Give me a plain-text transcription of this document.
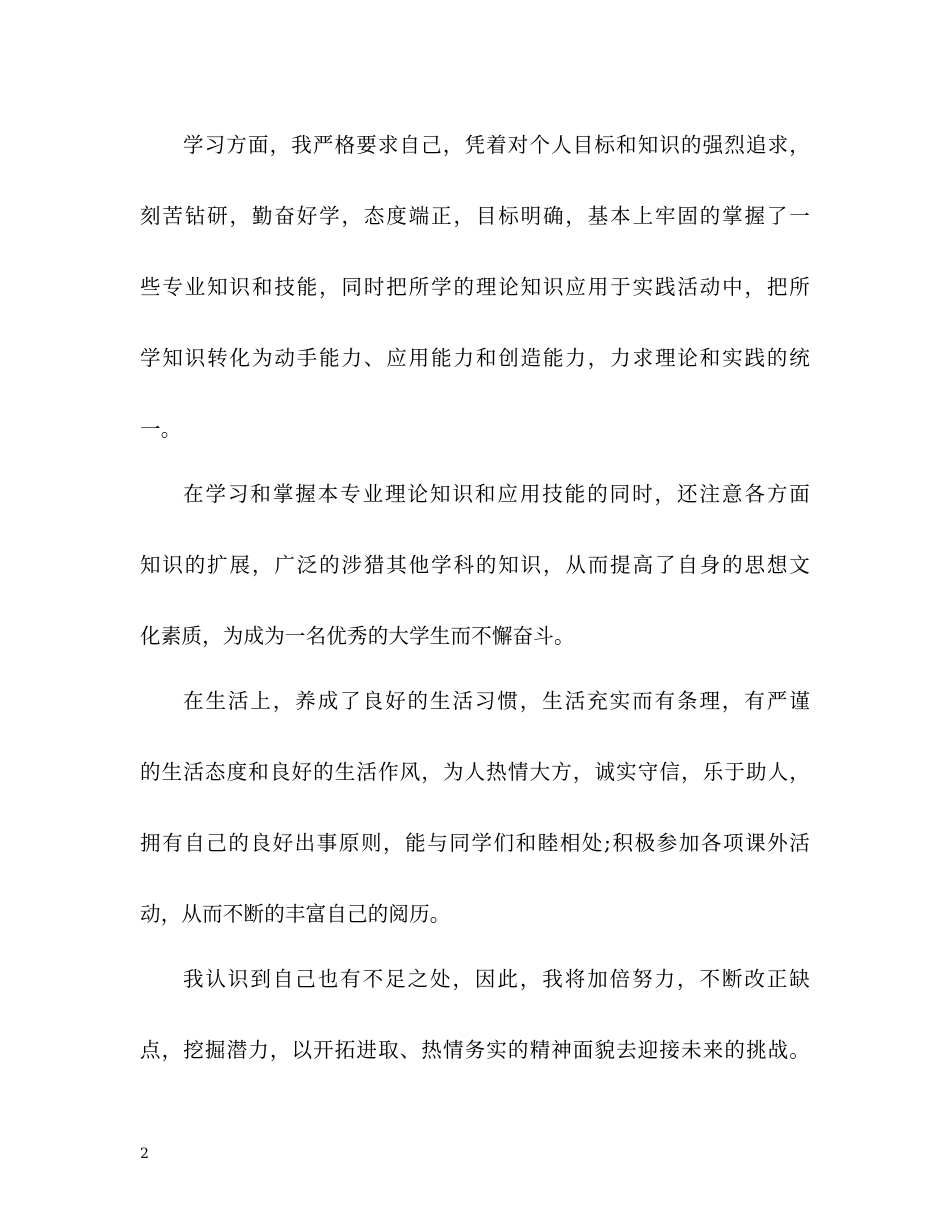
学习方面，我严格要求自己，凭着对个人目标和知识的强烈追求，
刻苦钻研，勤奋好学，态度端正，目标明确，基本上牢固的掌握了一
些专业知识和技能，同时把所学的理论知识应用于实践活动中，把所
学知识转化为动手能力、应用能力和创造能力，力求理论和实践的统
一。
在学习和掌握本专业理论知识和应用技能的同时，还注意各方面
知识的扩展，广泛的涉猎其他学科的知识，从而提高了自身的思想文
化素质，为成为一名优秀的大学生而不懈奋斗。
在生活上，养成了良好的生活习惯，生活充实而有条理，有严谨
的生活态度和良好的生活作风，为人热情大方，诚实守信，乐于助人，
拥有自己的良好出事原则，能与同学们和睦相处;积极参加各项课外活
动，从而不断的丰富自己的阅历。
我认识到自己也有不足之处，因此，我将加倍努力，不断改正缺
点，挖掘潜力，以开拓进取、热情务实的精神面貌去迎接未来的挑战。
2
